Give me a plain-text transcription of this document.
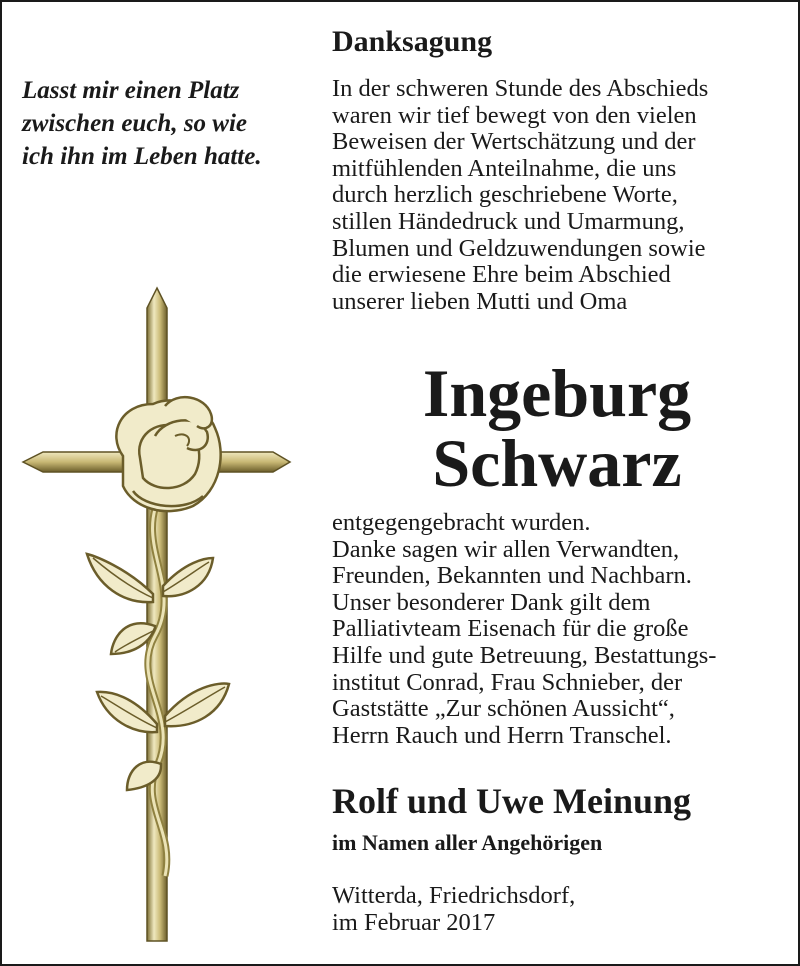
Lasst mir einen Platz
zwischen euch, so wie
ich ihn im Leben hatte.
Danksagung
In der schweren Stunde des Abschieds
waren wir tief bewegt von den vielen
Beweisen der Wertschätzung und der
mitfühlenden Anteilnahme, die uns
durch herzlich geschriebene Worte,
stillen Händedruck und Umarmung,
Blumen und Geldzuwendungen sowie
die erwiesene Ehre beim Abschied
unserer lieben Mutti und Oma
Ingeburg
Schwarz
entgegengebracht wurden.
Danke sagen wir allen Verwandten,
Freunden, Bekannten und Nachbarn.
Unser besonderer Dank gilt dem
Palliativteam Eisenach für die große
Hilfe und gute Betreuung, Bestattungs-
institut Conrad, Frau Schnieber, der
Gaststätte „Zur schönen Aussicht“,
Herrn Rauch und Herrn Transchel.
Rolf und Uwe Meinung
im Namen aller Angehörigen
Witterda, Friedrichsdorf,
im Februar 2017
